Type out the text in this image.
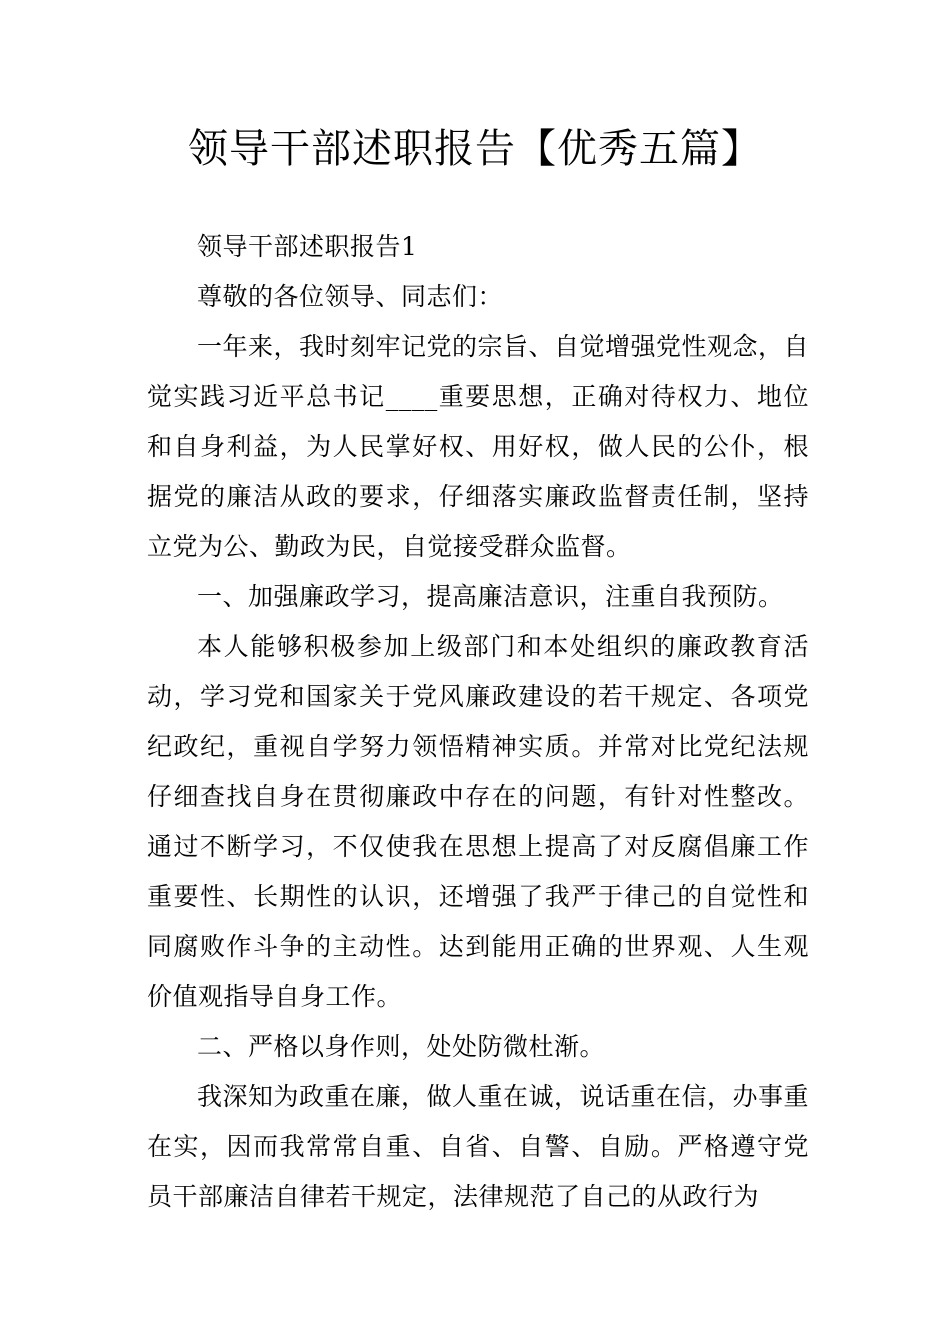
领导干部述职报告【优秀五篇】

领导干部述职报告1

尊敬的各位领导、同志们：

一年来，我时刻牢记党的宗旨、自觉增强党性观念，自觉实践习近平总书记____重要思想，正确对待权力、地位和自身利益，为人民掌好权、用好权，做人民的公仆，根据党的廉洁从政的要求，仔细落实廉政监督责任制，坚持立党为公、勤政为民，自觉接受群众监督。

一、加强廉政学习，提高廉洁意识，注重自我预防。

本人能够积极参加上级部门和本处组织的廉政教育活动，学习党和国家关于党风廉政建设的若干规定、各项党纪政纪，重视自学努力领悟精神实质。并常对比党纪法规仔细查找自身在贯彻廉政中存在的问题，有针对性整改。通过不断学习，不仅使我在思想上提高了对反腐倡廉工作重要性、长期性的认识，还增强了我严于律己的自觉性和同腐败作斗争的主动性。达到能用正确的世界观、人生观价值观指导自身工作。

二、严格以身作则，处处防微杜渐。

我深知为政重在廉，做人重在诚，说话重在信，办事重在实，因而我常常自重、自省、自警、自励。严格遵守党员干部廉洁自律若干规定，法律规范了自己的从政行为
